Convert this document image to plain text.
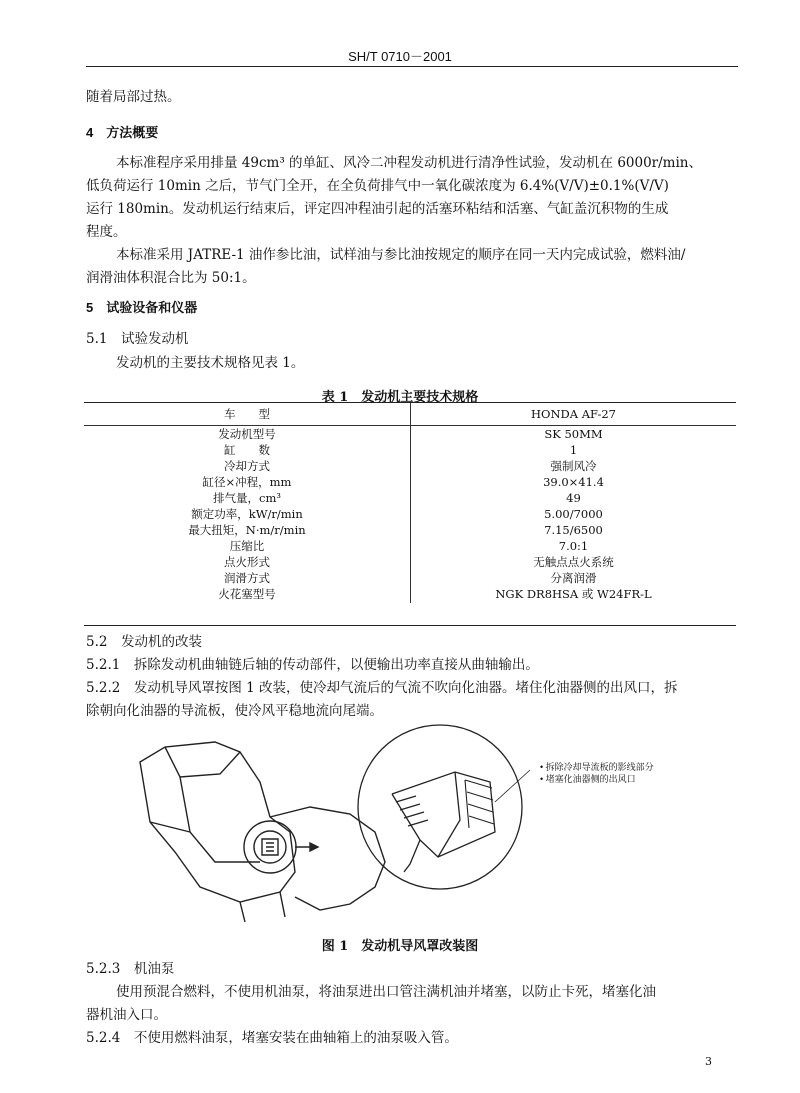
SH/T 0710－2001
随着局部过热。
4　方法概要
本标准程序采用排量 49cm³ 的单缸、风冷二冲程发动机进行清净性试验，发动机在 6000r/min、
低负荷运行 10min 之后，节气门全开，在全负荷排气中一氧化碳浓度为 6.4%(V/V)±0.1%(V/V)
运行 180min。发动机运行结束后，评定四冲程油引起的活塞环粘结和活塞、气缸盖沉积物的生成
程度。
本标准采用 JATRE-1 油作参比油，试样油与参比油按规定的顺序在同一天内完成试验，燃料油/
润滑油体积混合比为 50:1。
5　试验设备和仪器
5.1　试验发动机
发动机的主要技术规格见表 1。
表 1　发动机主要技术规格
车　　型	HONDA AF-27
发动机型号	SK 50MM
缸　　数	1
冷却方式	强制风冷
缸径×冲程，mm	39.0×41.4
排气量，cm³	49
额定功率，kW/r/min	5.00/7000
最大扭矩，N·m/r/min	7.15/6500
压缩比	7.0:1
点火形式	无触点点火系统
润滑方式	分离润滑
火花塞型号	NGK DR8HSA 或 W24FR-L
5.2　发动机的改装
5.2.1　拆除发动机曲轴链后轴的传动部件，以便输出功率直接从曲轴输出。
5.2.2　发动机导风罩按图 1 改装，使冷却气流后的气流不吹向化油器。堵住化油器侧的出风口，拆
除朝向化油器的导流板，使冷风平稳地流向尾端。
• 拆除冷却导流板的影线部分
• 堵塞化油器侧的出风口
图 1　发动机导风罩改装图
5.2.3　机油泵
使用预混合燃料，不使用机油泵，将油泵进出口管注满机油并堵塞，以防止卡死，堵塞化油
器机油入口。
5.2.4　不使用燃料油泵，堵塞安装在曲轴箱上的油泵吸入管。
3
